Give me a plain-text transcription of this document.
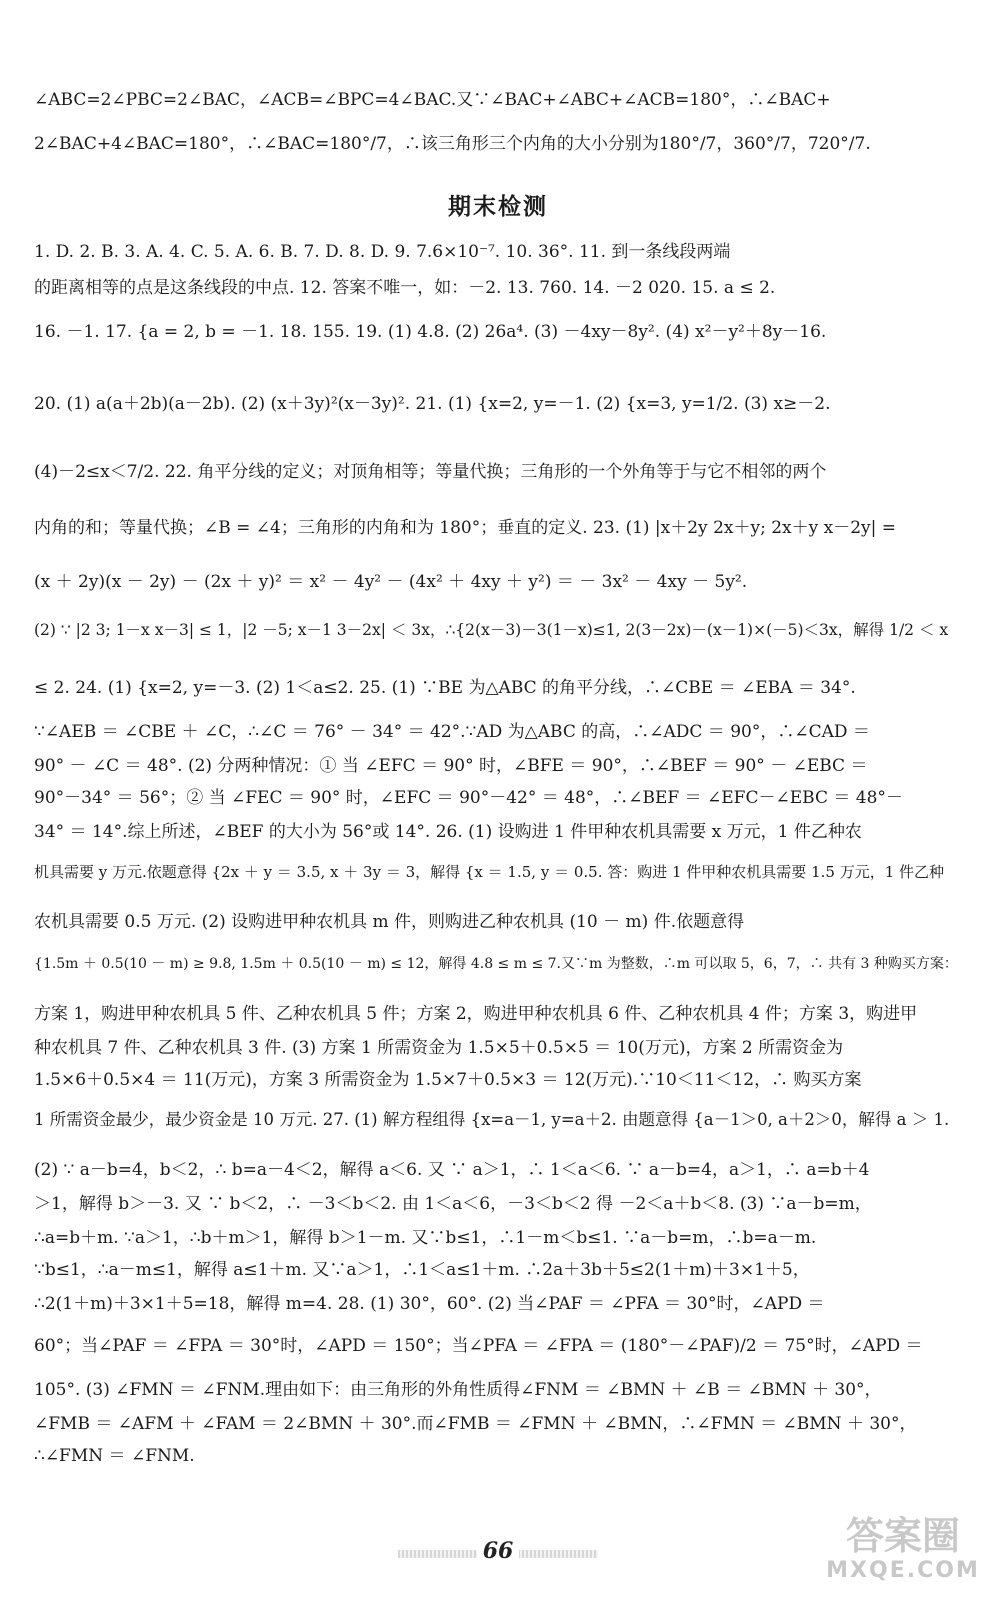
∠ABC=2∠PBC=2∠BAC，∠ACB=∠BPC=4∠BAC.又∵∠BAC+∠ABC+∠ACB=180°，∴∠BAC+
2∠BAC+4∠BAC=180°，∴∠BAC=180°/7，∴该三角形三个内角的大小分别为180°/7，360°/7，720°/7.
期末检测
1. D. 2. B. 3. A. 4. C. 5. A. 6. B. 7. D. 8. D. 9. 7.6×10⁻⁷. 10. 36°. 11. 到一条线段两端
的距离相等的点是这条线段的中点. 12. 答案不唯一，如：－2. 13. 760. 14. －2 020. 15. a ≤ 2.
16. －1. 17. {a = 2, b = －1. 18. 155. 19. (1) 4.8. (2) 26a⁴. (3) －4xy－8y². (4) x²－y²＋8y－16.
20. (1) a(a＋2b)(a－2b). (2) (x＋3y)²(x－3y)². 21. (1) {x=2, y=－1. (2) {x=3, y=1/2. (3) x≥－2.
(4)－2≤x＜7/2. 22. 角平分线的定义；对顶角相等；等量代换；三角形的一个外角等于与它不相邻的两个
内角的和；等量代换；∠B = ∠4；三角形的内角和为 180°；垂直的定义. 23. (1) |x＋2y 2x＋y; 2x＋y x－2y| =
(x ＋ 2y)(x － 2y) － (2x ＋ y)² ＝ x² － 4y² － (4x² ＋ 4xy ＋ y²) ＝ － 3x² － 4xy － 5y².
(2) ∵ |2 3; 1－x x－3| ≤ 1，|2 －5; x－1 3－2x| ＜ 3x，∴{2(x－3)－3(1－x)≤1, 2(3－2x)－(x－1)×(－5)＜3x，解得 1/2 ＜ x
≤ 2. 24. (1) {x=2, y=－3. (2) 1＜a≤2. 25. (1) ∵BE 为△ABC 的角平分线，∴∠CBE ＝ ∠EBA ＝ 34°.
∵∠AEB ＝ ∠CBE ＋ ∠C，∴∠C ＝ 76° － 34° ＝ 42°.∵AD 为△ABC 的高，∴∠ADC ＝ 90°，∴∠CAD ＝
90° － ∠C ＝ 48°. (2) 分两种情况：① 当 ∠EFC ＝ 90° 时，∠BFE ＝ 90°，∴∠BEF ＝ 90° － ∠EBC ＝
90°－34° ＝ 56°；② 当 ∠FEC ＝ 90° 时，∠EFC ＝ 90°－42° ＝ 48°，∴∠BEF ＝ ∠EFC－∠EBC ＝ 48°－
34° ＝ 14°.综上所述，∠BEF 的大小为 56°或 14°. 26. (1) 设购进 1 件甲种农机具需要 x 万元，1 件乙种农
机具需要 y 万元.依题意得 {2x ＋ y ＝ 3.5, x ＋ 3y ＝ 3，解得 {x ＝ 1.5, y ＝ 0.5. 答：购进 1 件甲种农机具需要 1.5 万元，1 件乙种
农机具需要 0.5 万元. (2) 设购进甲种农机具 m 件，则购进乙种农机具 (10 － m) 件.依题意得
{1.5m ＋ 0.5(10 － m) ≥ 9.8, 1.5m ＋ 0.5(10 － m) ≤ 12，解得 4.8 ≤ m ≤ 7.又∵m 为整数，∴m 可以取 5，6，7，∴ 共有 3 种购买方案：
方案 1，购进甲种农机具 5 件、乙种农机具 5 件；方案 2，购进甲种农机具 6 件、乙种农机具 4 件；方案 3，购进甲
种农机具 7 件、乙种农机具 3 件. (3) 方案 1 所需资金为 1.5×5＋0.5×5 ＝ 10(万元)，方案 2 所需资金为
1.5×6＋0.5×4 ＝ 11(万元)，方案 3 所需资金为 1.5×7＋0.5×3 ＝ 12(万元).∵10＜11＜12，∴ 购买方案
1 所需资金最少，最少资金是 10 万元. 27. (1) 解方程组得 {x=a－1, y=a＋2. 由题意得 {a－1＞0, a＋2＞0，解得 a ＞ 1.
(2) ∵ a－b=4，b＜2，∴ b=a－4＜2，解得 a＜6. 又 ∵ a＞1，∴ 1＜a＜6. ∵ a－b=4，a＞1，∴ a=b＋4
＞1，解得 b＞－3. 又 ∵ b＜2，∴ －3＜b＜2. 由 1＜a＜6，－3＜b＜2 得 －2＜a＋b＜8. (3) ∵a－b=m，
∴a=b＋m. ∵a＞1，∴b＋m＞1，解得 b＞1－m. 又∵b≤1，∴1－m＜b≤1. ∵a－b=m，∴b=a－m.
∵b≤1，∴a－m≤1，解得 a≤1＋m. 又∵a＞1，∴1＜a≤1＋m. ∴2a＋3b＋5≤2(1＋m)＋3×1＋5，
∴2(1＋m)＋3×1＋5=18，解得 m=4. 28. (1) 30°，60°. (2) 当∠PAF ＝ ∠PFA ＝ 30°时，∠APD ＝
60°；当∠PAF ＝ ∠FPA ＝ 30°时，∠APD ＝ 150°；当∠PFA ＝ ∠FPA ＝ (180°－∠PAF)/2 ＝ 75°时，∠APD ＝
105°. (3) ∠FMN ＝ ∠FNM.理由如下：由三角形的外角性质得∠FNM ＝ ∠BMN ＋ ∠B ＝ ∠BMN ＋ 30°，
∠FMB ＝ ∠AFM ＋ ∠FAM ＝ 2∠BMN ＋ 30°.而∠FMB ＝ ∠FMN ＋ ∠BMN，∴∠FMN ＝ ∠BMN ＋ 30°，
∴∠FMN ＝ ∠FNM.
66	答案圈
MXQE.COM
